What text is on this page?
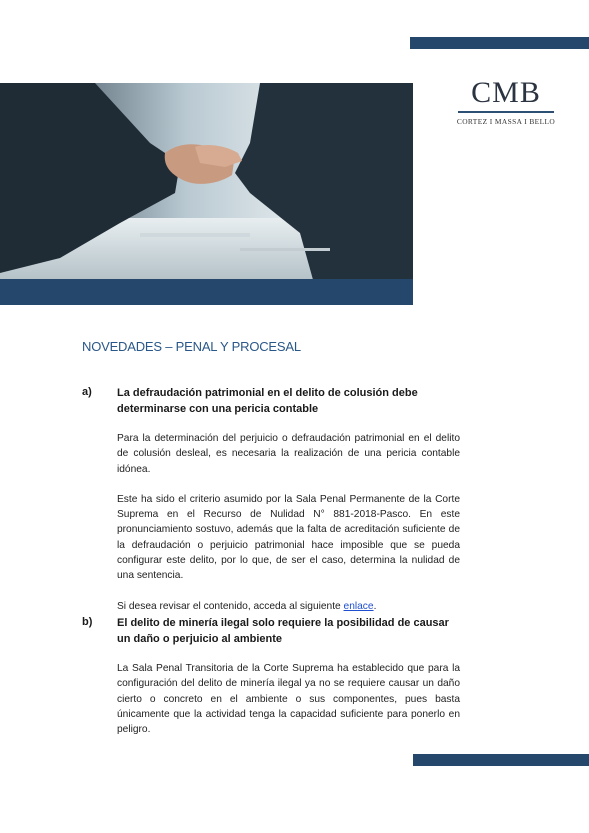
CMB
CORTEZ I MASSA I BELLO
NOVEDADES – PENAL Y PROCESAL
a) La defraudación patrimonial en el delito de colusión debe determinarse con una pericia contable
Para la determinación del perjuicio o defraudación patrimonial en el delito de colusión desleal, es necesaria la realización de una pericia contable idónea.
Este ha sido el criterio asumido por la Sala Penal Permanente de la Corte Suprema en el Recurso de Nulidad N° 881-2018-Pasco. En este pronunciamiento sostuvo, además que la falta de acreditación suficiente de la defraudación o perjuicio patrimonial hace imposible que se pueda configurar este delito, por lo que, de ser el caso, determina la nulidad de una sentencia.
Si desea revisar el contenido, acceda al siguiente enlace.
b) El delito de minería ilegal solo requiere la posibilidad de causar un daño o perjuicio al ambiente
La Sala Penal Transitoria de la Corte Suprema ha establecido que para la configuración del delito de minería ilegal ya no se requiere causar un daño cierto o concreto en el ambiente o sus componentes, pues basta únicamente que la actividad tenga la capacidad suficiente para ponerlo en peligro.
